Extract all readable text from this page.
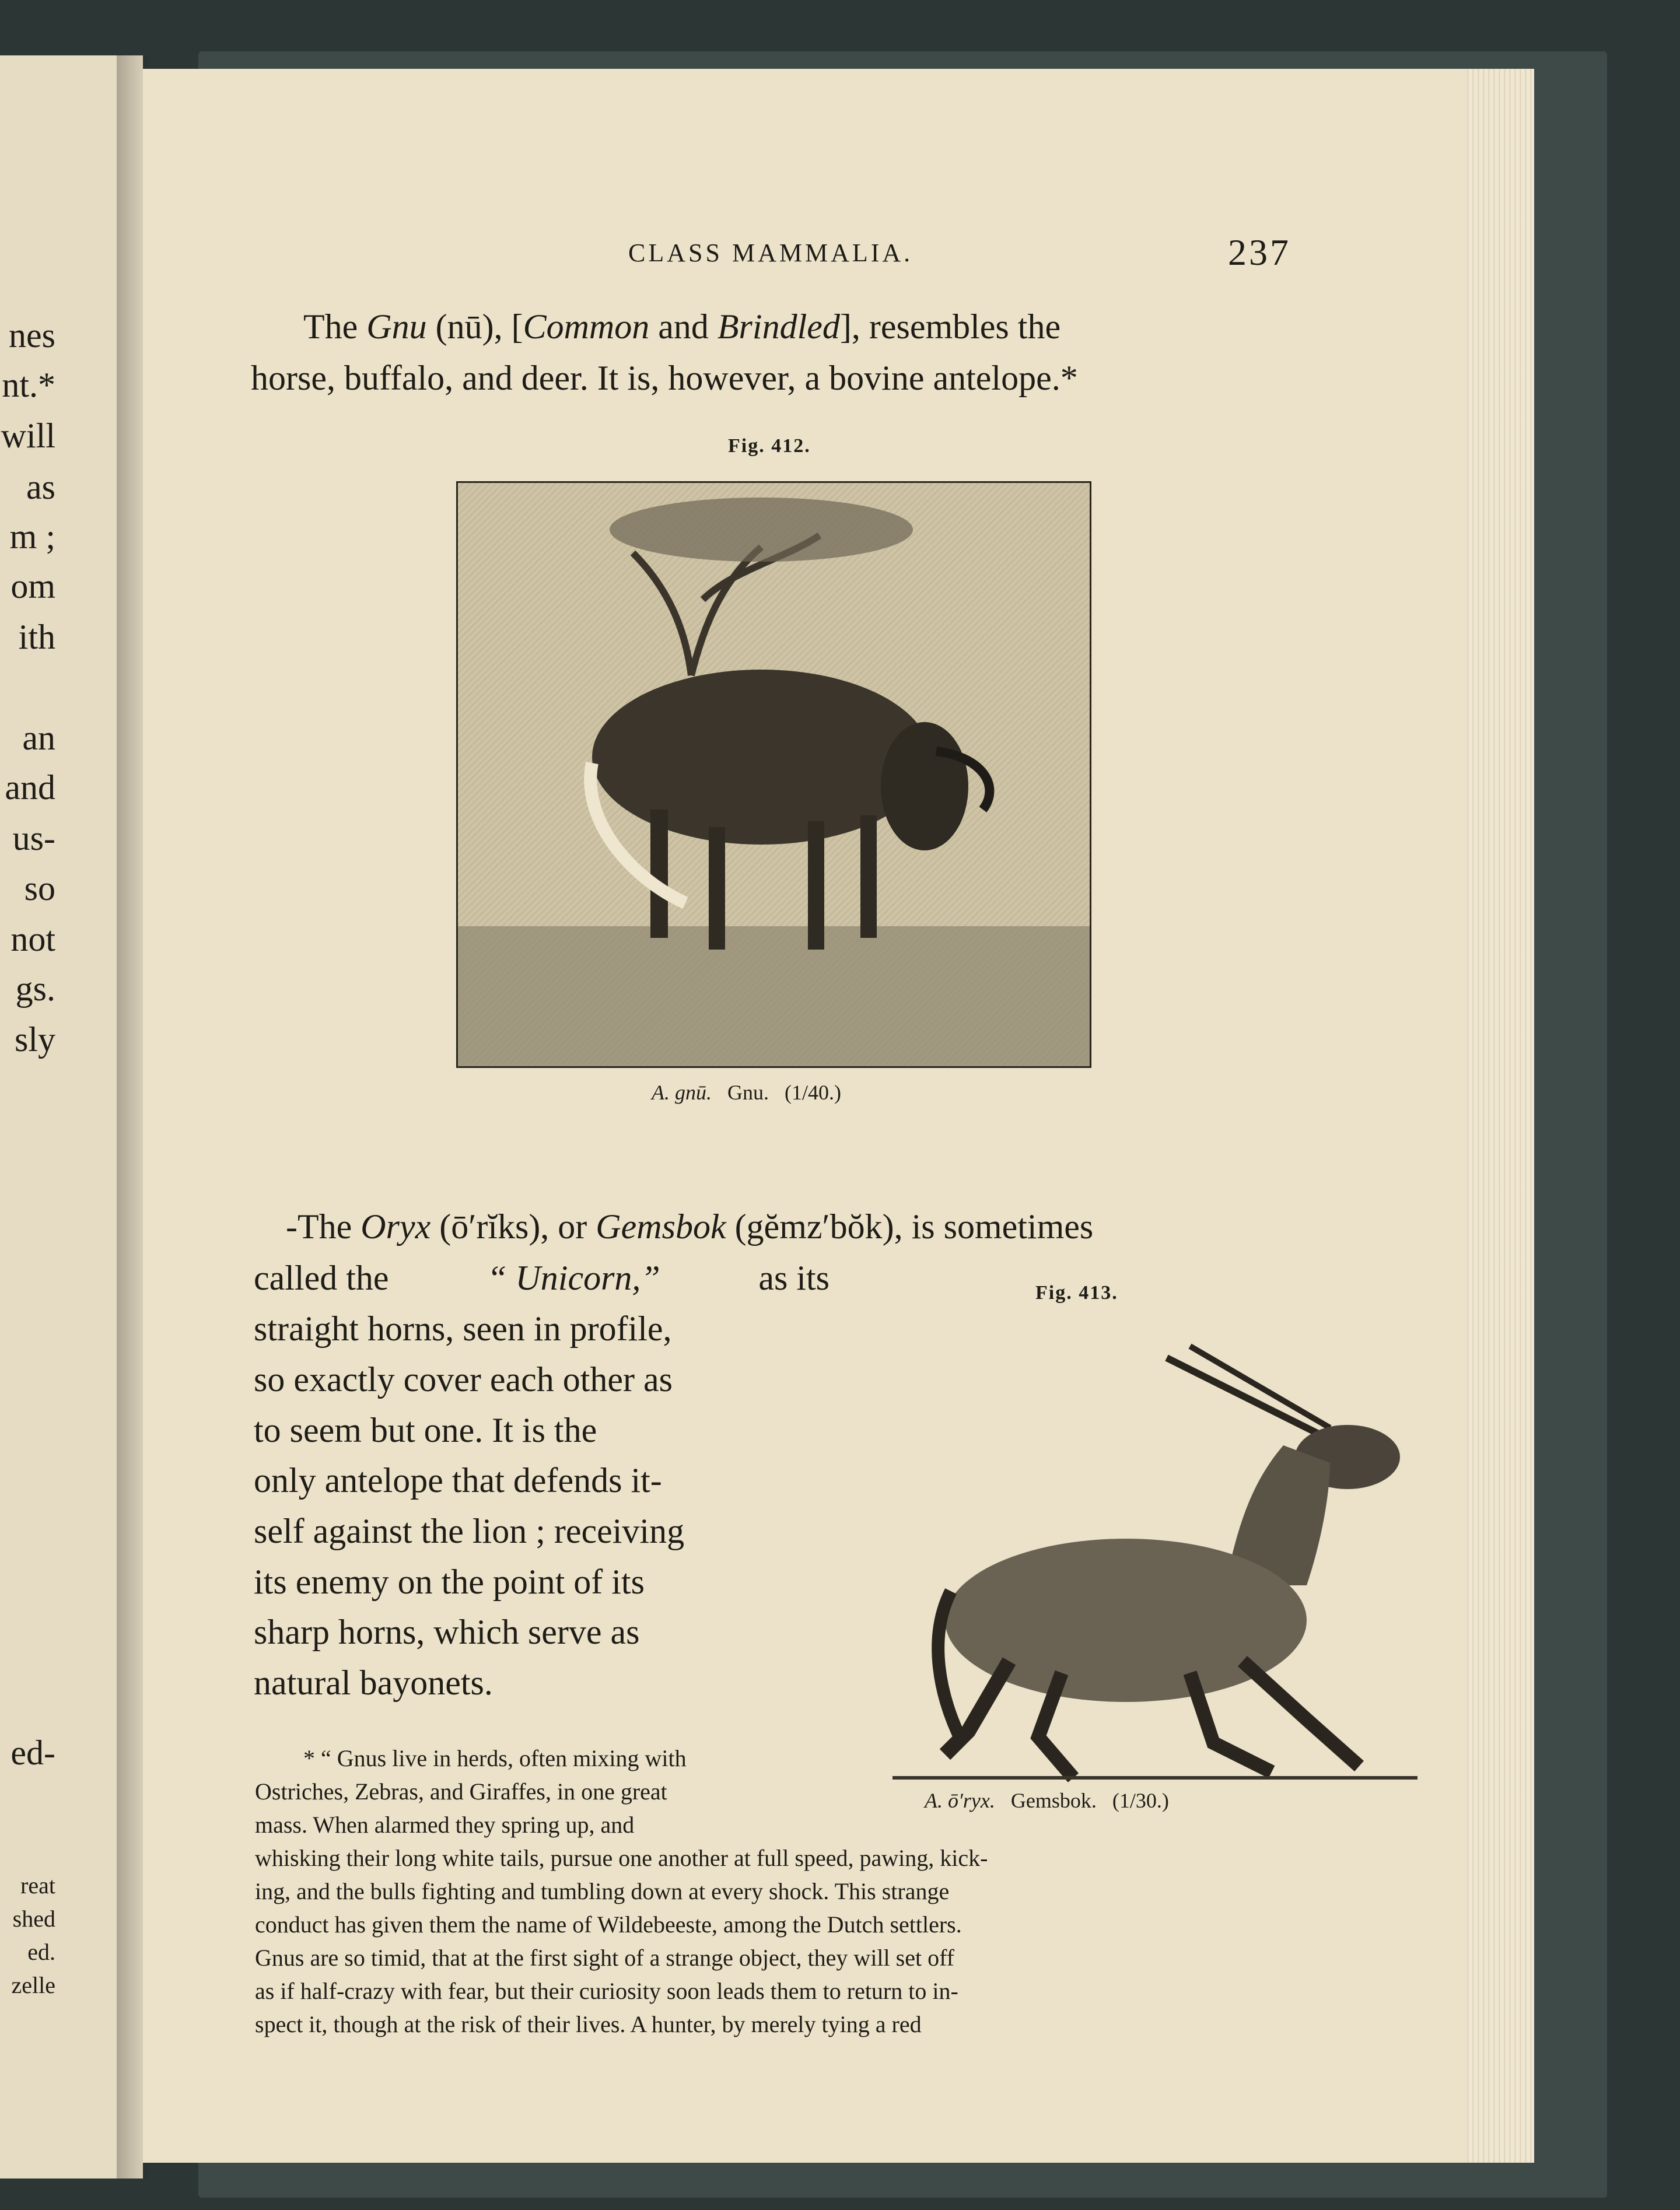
nes
nt.*
will
as
m ;
om
ith
an
and
us-
so
not
gs.
sly
ed-
reat
shed
ed.
zelle
CLASS MAMMALIA.	237
The Gnu (nū), [Common and Brindled], resembles the
horse, buffalo, and deer. It is, however, a bovine antelope.*
Fig. 412.
A. gnū. Gnu. (1/40.)
-The Oryx (ō′rĭks), or Gemsbok (gĕmz′bŏk), is sometimes
called the	“ Unicorn,”	as its
straight horns, seen in profile,
so exactly cover each other as
to seem but one. It is the
only antelope that defends it-
self against the lion ; receiving
its enemy on the point of its
sharp horns, which serve as
natural bayonets.
Fig. 413.
A. ō′ryx. Gemsbok. (1/30.)
* “ Gnus live in herds, often mixing with
Ostriches, Zebras, and Giraffes, in one great
mass. When alarmed they spring up, and
whisking their long white tails, pursue one another at full speed, pawing, kick-
ing, and the bulls fighting and tumbling down at every shock. This strange
conduct has given them the name of Wildebeeste, among the Dutch settlers.
Gnus are so timid, that at the first sight of a strange object, they will set off
as if half-crazy with fear, but their curiosity soon leads them to return to in-
spect it, though at the risk of their lives. A hunter, by merely tying a red
